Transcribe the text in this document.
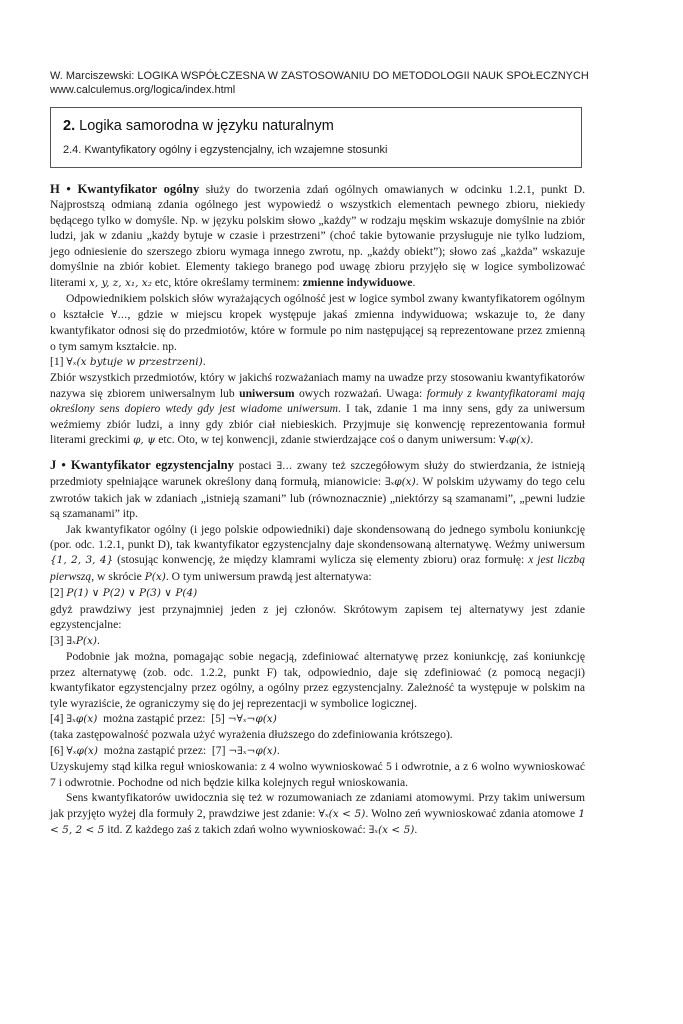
W. Marciszewski: LOGIKA WSPÓŁCZESNA W ZASTOSOWANIU DO METODOLOGII NAUK SPOŁECZNYCH
www.calculemus.org/logica/index.html
2. Logika samorodna w języku naturalnym
2.4. Kwantyfikatory ogólny i egzystencjalny, ich wzajemne stosunki

H • Kwantyfikator ogólny służy do tworzenia zdań ogólnych omawianych w odcinku 1.2.1, punkt D. Najprostszą odmianą zdania ogólnego jest wypowiedź o wszystkich elementach pewnego zbioru, niekiedy będącego tylko w domyśle. Np. w języku polskim słowo „każdy” w rodzaju męskim wskazuje domyślnie na zbiór ludzi, jak w zdaniu „każdy bytuje w czasie i przestrzeni” (choć takie bytowanie przysługuje nie tylko ludziom, jego odniesienie do szerszego zbioru wymaga innego zwrotu, np. „każdy obiekt”); słowo zaś „każda” wskazuje domyślnie na zbiór kobiet. Elementy takiego branego pod uwagę zbioru przyjęło się w logice symbolizować literami x, y, z, x₁, x₂ etc, które określamy terminem: zmienne indywiduowe.

Odpowiednikiem polskich słów wyrażających ogólność jest w logice symbol zwany kwantyfikatorem ogólnym o kształcie ∀..., gdzie w miejscu kropek występuje jakaś zmienna indywiduowa; wskazuje to, że dany kwantyfikator odnosi się do przedmiotów, które w formule po nim następującej są reprezentowane przez zmienną o tym samym kształcie. np.

[1] ∀ₓ(x bytuje w przestrzeni).

Zbiór wszystkich przedmiotów, który w jakichś rozważaniach mamy na uwadze przy stosowaniu kwantyfikatorów nazywa się zbiorem uniwersalnym lub uniwersum owych rozważań. Uwaga: formuły z kwantyfikatorami mają określony sens dopiero wtedy gdy jest wiadome uniwersum. I tak, zdanie 1 ma inny sens, gdy za uniwersum weźmiemy zbiór ludzi, a inny gdy zbiór ciał niebieskich. Przyjmuje się konwencję reprezentowania formuł literami greckimi φ, ψ etc. Oto, w tej konwencji, zdanie stwierdzające coś o danym uniwersum: ∀ₓφ(x).

J • Kwantyfikator egzystencjalny postaci ∃... zwany też szczegółowym służy do stwierdzania, że istnieją przedmioty spełniające warunek określony daną formułą, mianowicie: ∃ₓφ(x). W polskim używamy do tego celu zwrotów takich jak w zdaniach „istnieją szamani” lub (równoznacznie) „niektórzy są szamanami”, „pewni ludzie są szamanami” itp.

Jak kwantyfikator ogólny (i jego polskie odpowiedniki) daje skondensowaną do jednego symbolu koniunkcję (por. odc. 1.2.1, punkt D), tak kwantyfikator egzystencjalny daje skondensowaną alternatywę. Weźmy uniwersum {1, 2, 3, 4} (stosując konwencję, że między klamrami wylicza się elementy zbioru) oraz formułę: x jest liczbą pierwszą, w skrócie P(x). O tym uniwersum prawdą jest alternatywa:

[2] P(1) ∨ P(2) ∨ P(3) ∨ P(4)

gdyż prawdziwy jest przynajmniej jeden z jej członów. Skrótowym zapisem tej alternatywy jest zdanie egzystencjalne:

[3] ∃ₓP(x).

Podobnie jak można, pomagając sobie negacją, zdefiniować alternatywę przez koniunkcję, zaś koniunkcję przez alternatywę (zob. odc. 1.2.2, punkt F) tak, odpowiednio, daje się zdefiniować (z pomocą negacji) kwantyfikator egzystencjalny przez ogólny, a ogólny przez egzystencjalny. Zależność ta występuje w polskim na tyle wyraziście, że ograniczymy się do jej reprezentacji w symbolice logicznej.

[4] ∃ₓφ(x)  można zastąpić przez:  [5] ¬∀ₓ¬φ(x)

(taka zastępowalność pozwala użyć wyrażenia dłuższego do zdefiniowania krótszego).

[6] ∀ₓφ(x)  można zastąpić przez:  [7] ¬∃ₓ¬φ(x).

Uzyskujemy stąd kilka reguł wnioskowania: z 4 wolno wywnioskować 5 i odwrotnie, a z 6 wolno wywnioskować 7 i odwrotnie. Pochodne od nich będzie kilka kolejnych reguł wnioskowania.

Sens kwantyfikatorów uwidocznia się też w rozumowaniach ze zdaniami atomowymi. Przy takim uniwersum jak przyjęto wyżej dla formuły 2, prawdziwe jest zdanie: ∀ₓ(x < 5). Wolno zeń wywnioskować zdania atomowe 1 < 5, 2 < 5 itd. Z każdego zaś z takich zdań wolno wywnioskować: ∃ₓ(x < 5).
